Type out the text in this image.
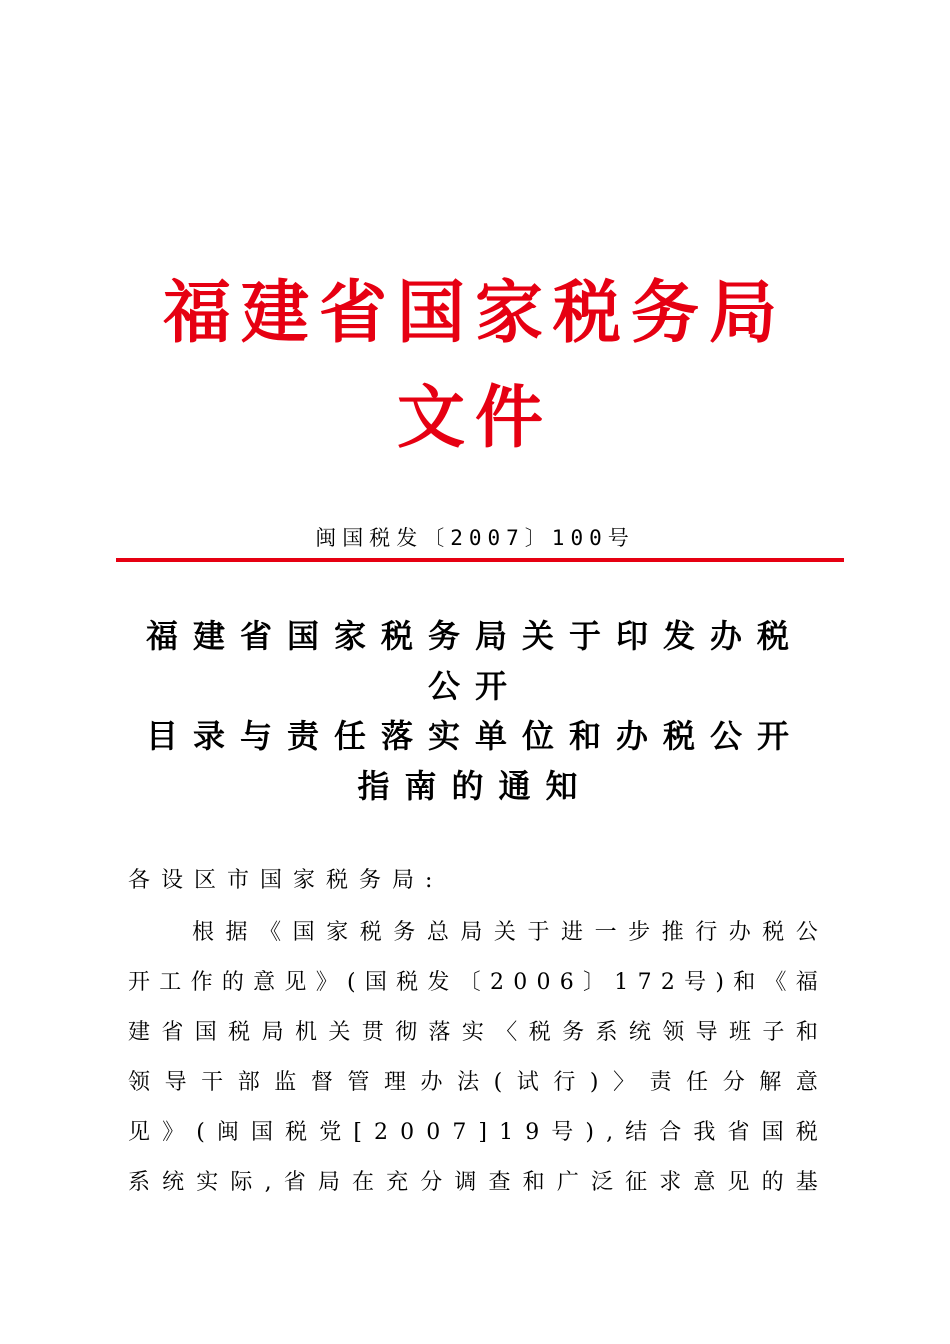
福建省国家税务局
文件
闽国税发〔2007〕100号
福建省国家税务局关于印发办税
公开
目录与责任落实单位和办税公开
指南的通知
各设区市国家税务局:
根 据 《 国 家 税 务 总 局 关 于 进 一 步 推 行 办 税 公
开 工 作 的 意 见 》 ( 国 税 发 〔 2 0 0 6 〕 1 7 2 号 ) 和 《 福
建 省 国 税 局 机 关 贯 彻 落 实 〈 税 务 系 统 领 导 班 子 和
领 导 干 部 监 督 管 理 办 法 ( 试 行 ) 〉 责 任 分 解 意
见 》 ( 闽 国 税 党 [ 2 0 0 7 ] 1 9 号 ) , 结 合 我 省 国 税
系 统 实 际 , 省 局 在 充 分 调 查 和 广 泛 征 求 意 见 的 基
